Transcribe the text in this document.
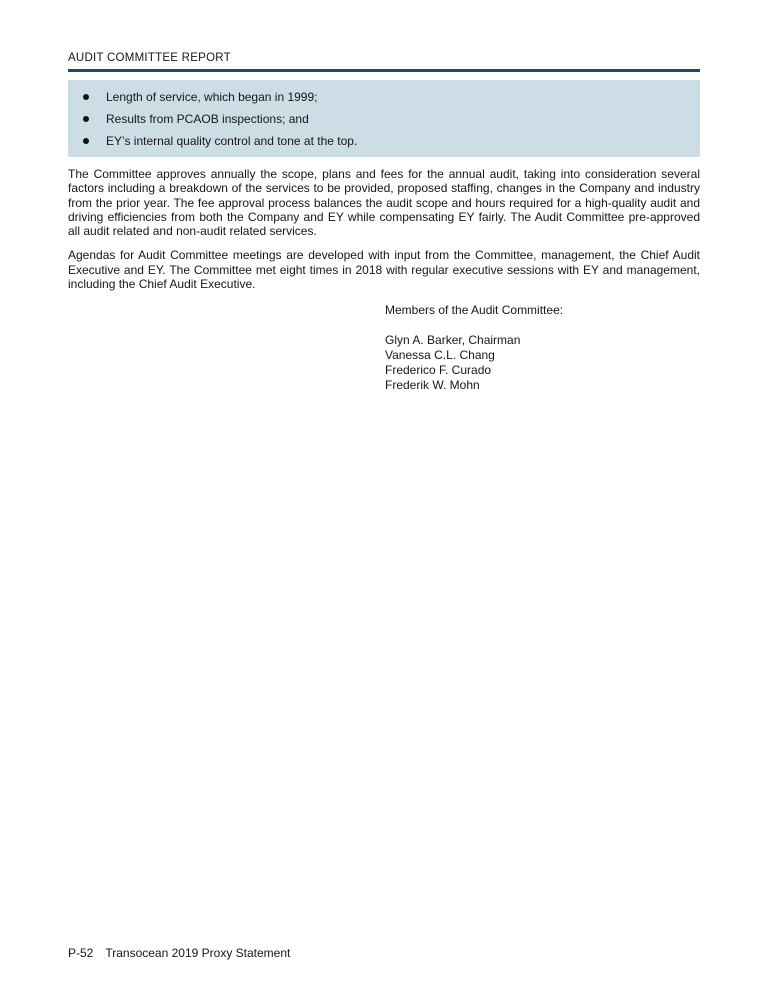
AUDIT COMMITTEE REPORT
Length of service, which began in 1999;
Results from PCAOB inspections; and
EY’s internal quality control and tone at the top.

The Committee approves annually the scope, plans and fees for the annual audit, taking into consideration several factors including a breakdown of the services to be provided, proposed staffing, changes in the Company and industry from the prior year. The fee approval process balances the audit scope and hours required for a high-quality audit and driving efficiencies from both the Company and EY while compensating EY fairly. The Audit Committee pre-approved all audit related and non-audit related services.

Agendas for Audit Committee meetings are developed with input from the Committee, management, the Chief Audit Executive and EY. The Committee met eight times in 2018 with regular executive sessions with EY and management, including the Chief Audit Executive.

Members of the Audit Committee:

Glyn A. Barker, Chairman

Vanessa C.L. Chang

Frederico F. Curado

Frederik W. Mohn

P-52 Transocean 2019 Proxy Statement
